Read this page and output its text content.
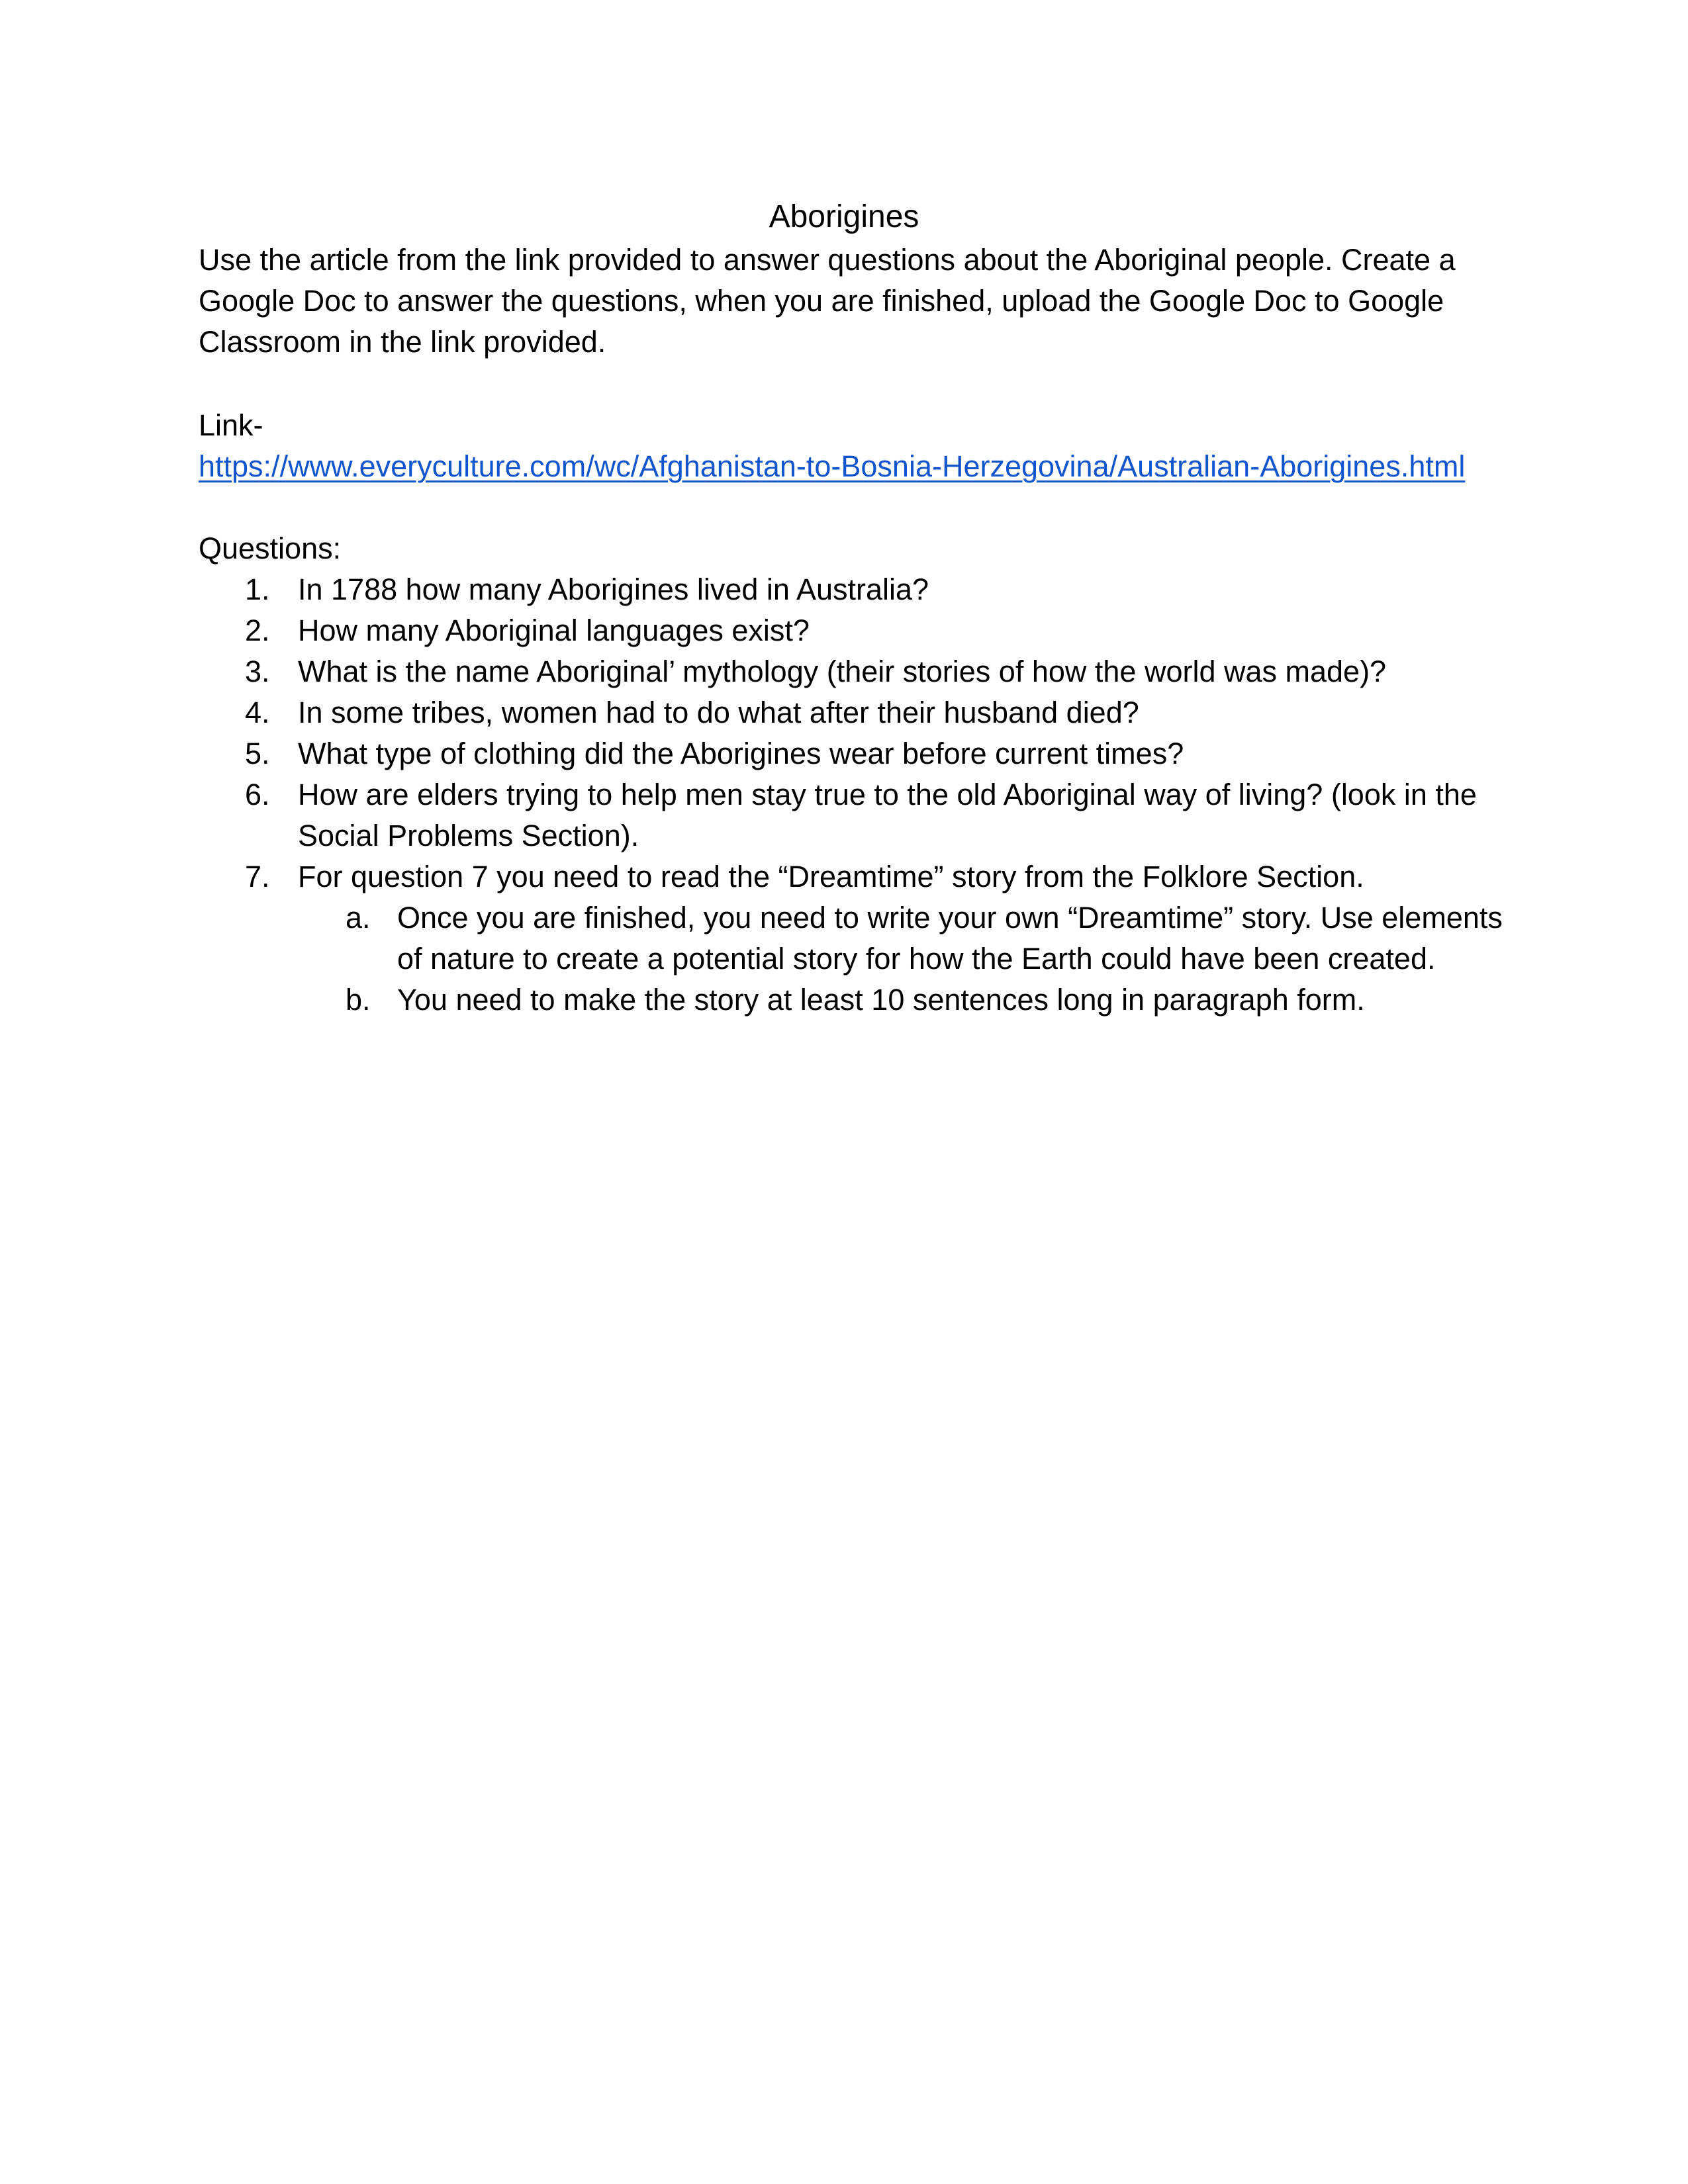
Aborigines
Use the article from the link provided to answer questions about the Aboriginal people. Create a Google Doc to answer the questions, when you are finished, upload the Google Doc to Google Classroom in the link provided.
Link-
https://www.everyculture.com/wc/Afghanistan-to-Bosnia-Herzegovina/Australian-Aborigines.html
Questions:
1. In 1788 how many Aborigines lived in Australia?
2. How many Aboriginal languages exist?
3. What is the name Aboriginal’ mythology (their stories of how the world was made)?
4. In some tribes, women had to do what after their husband died?
5. What type of clothing did the Aborigines wear before current times?
6. How are elders trying to help men stay true to the old Aboriginal way of living? (look in the Social Problems Section).
7. For question 7 you need to read the “Dreamtime” story from the Folklore Section.
a. Once you are finished, you need to write your own “Dreamtime” story. Use elements of nature to create a potential story for how the Earth could have been created.
b. You need to make the story at least 10 sentences long in paragraph form.
